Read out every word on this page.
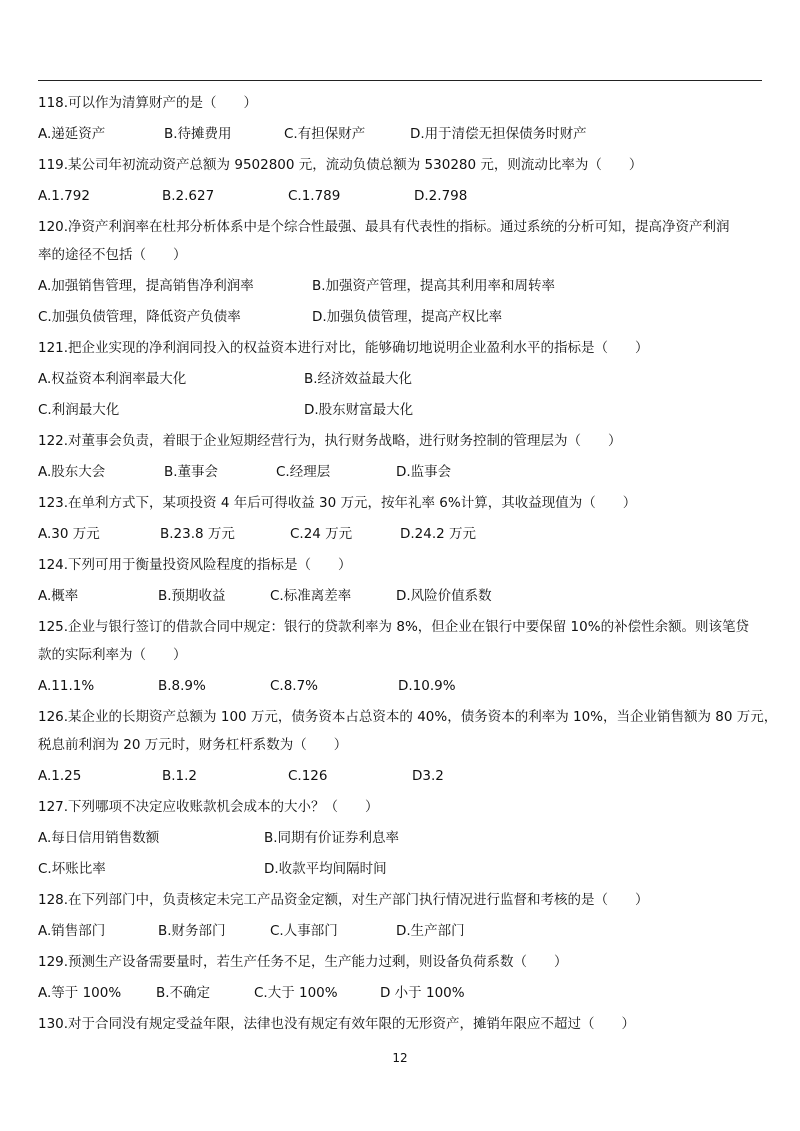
118.可以作为清算财产的是（　　）

A.递延资产	B.待摊费用	C.有担保财产	D.用于清偿无担保债务时财产

119.某公司年初流动资产总额为 9502800 元，流动负债总额为 530280 元，则流动比率为（　　）

A.1.792	B.2.627	C.1.789	D.2.798

120.净资产利润率在杜邦分析体系中是个综合性最强、最具有代表性的指标。通过系统的分析可知，提高净资产利润

率的途径不包括（　　）

A.加强销售管理，提高销售净利润率	B.加强资产管理，提高其利用率和周转率
C.加强负债管理，降低资产负债率	D.加强负债管理，提高产权比率

121.把企业实现的净利润同投入的权益资本进行对比，能够确切地说明企业盈利水平的指标是（　　）

A.权益资本利润率最大化	B.经济效益最大化
C.利润最大化	D.股东财富最大化

122.对董事会负责，着眼于企业短期经营行为，执行财务战略，进行财务控制的管理层为（　　）

A.股东大会	B.董事会	C.经理层	D.监事会

123.在单利方式下，某项投资 4 年后可得收益 30 万元，按年礼率 6%计算，其收益现值为（　　）

A.30 万元	B.23.8 万元	C.24 万元	D.24.2 万元

124.下列可用于衡量投资风险程度的指标是（　　）

A.概率	B.预期收益	C.标准离差率	D.风险价值系数

125.企业与银行签订的借款合同中规定：银行的贷款利率为 8%，但企业在银行中要保留 10%的补偿性余额。则该笔贷

款的实际利率为（　　）

A.11.1%	B.8.9%	C.8.7%	D.10.9%

126.某企业的长期资产总额为 100 万元，债务资本占总资本的 40%，债务资本的利率为 10%，当企业销售额为 80 万元，

税息前利润为 20 万元时，财务杠杆系数为（　　）

A.1.25	B.1.2	C.126	D3.2

127.下列哪项不决定应收账款机会成本的大小？（　　）

A.每日信用销售数额	B.同期有价证券利息率
C.坏账比率	D.收款平均间隔时间

128.在下列部门中，负责核定未完工产品资金定额，对生产部门执行情况进行监督和考核的是（　　）

A.销售部门	B.财务部门	C.人事部门	D.生产部门

129.预测生产设备需要量时，若生产任务不足，生产能力过剩，则设备负荷系数（　　）

A.等于 100%	B.不确定	C.大于 100%	D 小于 100%

130.对于合同没有规定受益年限，法律也没有规定有效年限的无形资产，摊销年限应不超过（　　）

12
